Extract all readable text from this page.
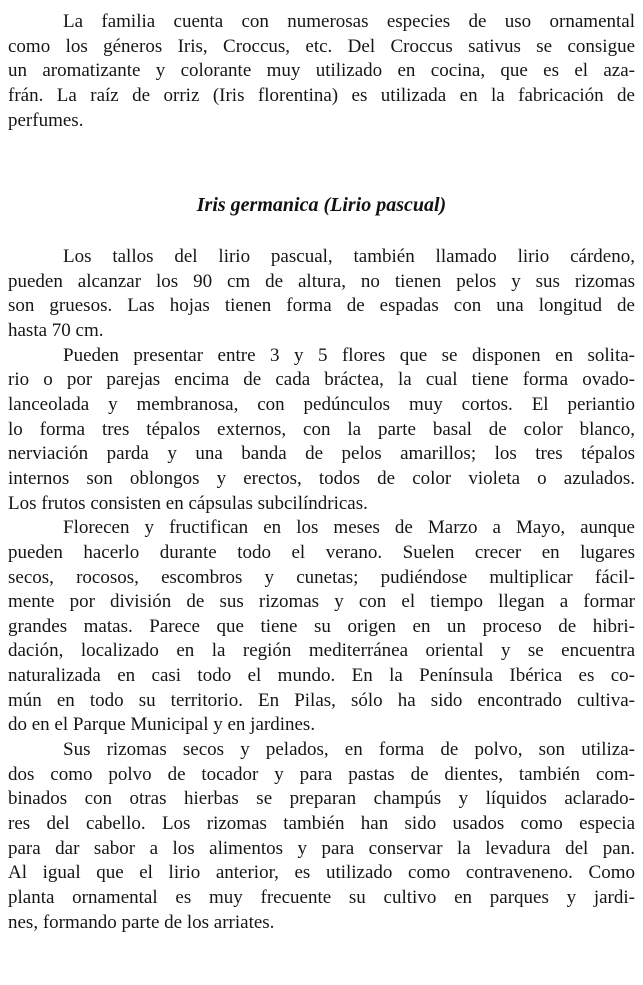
La familia cuenta con numerosas especies de uso ornamental
como los géneros Iris, Croccus, etc. Del Croccus sativus se consigue
un aromatizante y colorante muy utilizado en cocina, que es el aza-
frán. La raíz de orriz (Iris florentina) es utilizada en la fabricación de
perfumes.
Iris germanica (Lirio pascual)
Los tallos del lirio pascual, también llamado lirio cárdeno,
pueden alcanzar los 90 cm de altura, no tienen pelos y sus rizomas
son gruesos. Las hojas tienen forma de espadas con una longitud de
hasta 70 cm.
Pueden presentar entre 3 y 5 flores que se disponen en solita-
rio o por parejas encima de cada bráctea, la cual tiene forma ovado-
lanceolada y membranosa, con pedúnculos muy cortos. El periantio
lo forma tres tépalos externos, con la parte basal de color blanco,
nerviación parda y una banda de pelos amarillos; los tres tépalos
internos son oblongos y erectos, todos de color violeta o azulados.
Los frutos consisten en cápsulas subcilíndricas.
Florecen y fructifican en los meses de Marzo a Mayo, aunque
pueden hacerlo durante todo el verano. Suelen crecer en lugares
secos, rocosos, escombros y cunetas; pudiéndose multiplicar fácil-
mente por división de sus rizomas y con el tiempo llegan a formar
grandes matas. Parece que tiene su origen en un proceso de hibri-
dación, localizado en la región mediterránea oriental y se encuentra
naturalizada en casi todo el mundo. En la Península Ibérica es co-
mún en todo su territorio. En Pilas, sólo ha sido encontrado cultiva-
do en el Parque Municipal y en jardines.
Sus rizomas secos y pelados, en forma de polvo, son utiliza-
dos como polvo de tocador y para pastas de dientes, también com-
binados con otras hierbas se preparan champús y líquidos aclarado-
res del cabello. Los rizomas también han sido usados como especia
para dar sabor a los alimentos y para conservar la levadura del pan.
Al igual que el lirio anterior, es utilizado como contraveneno. Como
planta ornamental es muy frecuente su cultivo en parques y jardi-
nes, formando parte de los arriates.
